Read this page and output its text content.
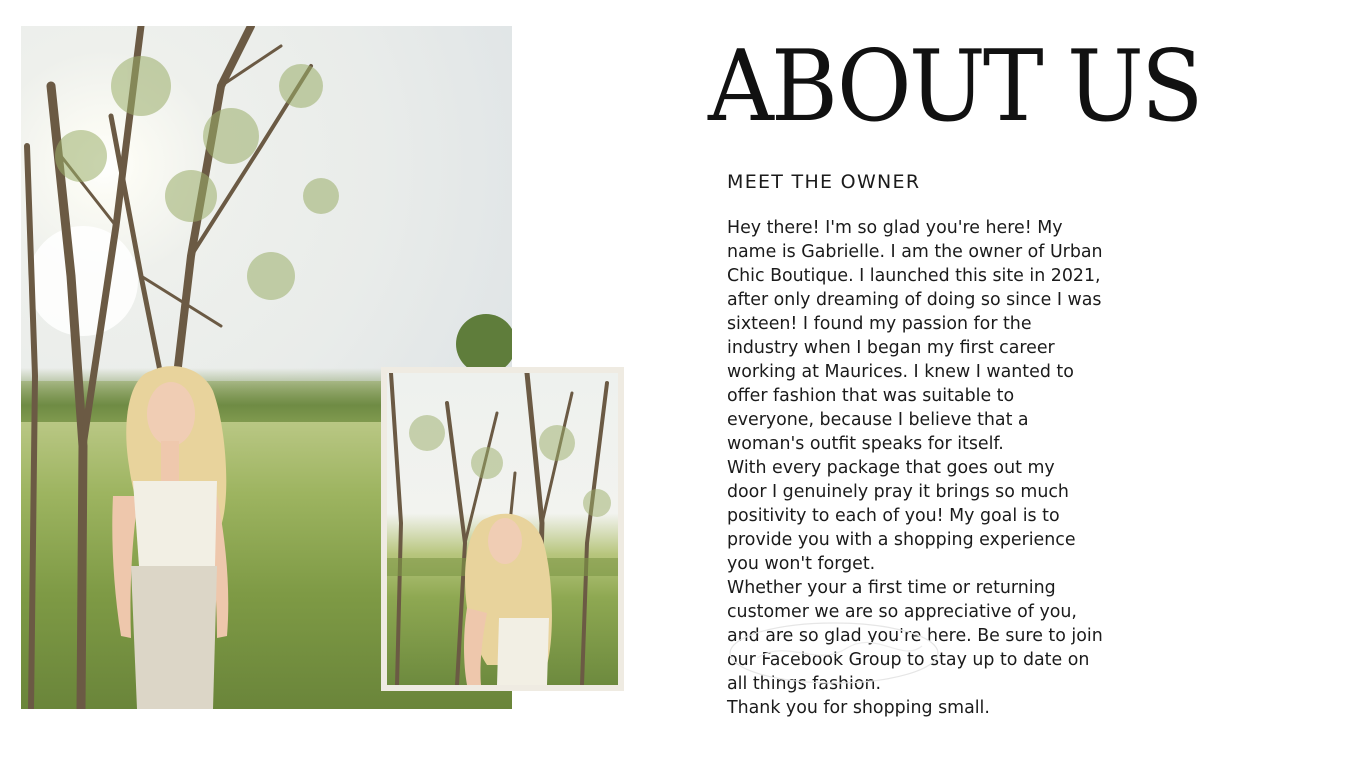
ABOUT US
MEET THE OWNER
Hey there! I'm so glad you're here! My
name is Gabrielle. I am the owner of Urban
Chic Boutique. I launched this site in 2021,
after only dreaming of doing so since I was
sixteen! I found my passion for the
industry when I began my first career
working at Maurices. I knew I wanted to
offer fashion that was suitable to
everyone, because I believe that a
woman's outfit speaks for itself.
With every package that goes out my
door I genuinely pray it brings so much
positivity to each of you! My goal is to
provide you with a shopping experience
you won't forget.
Whether your a first time or returning
customer we are so appreciative of you,
and are so glad you're here. Be sure to join
our Facebook Group to stay up to date on
all things fashion.
Thank you for shopping small.
